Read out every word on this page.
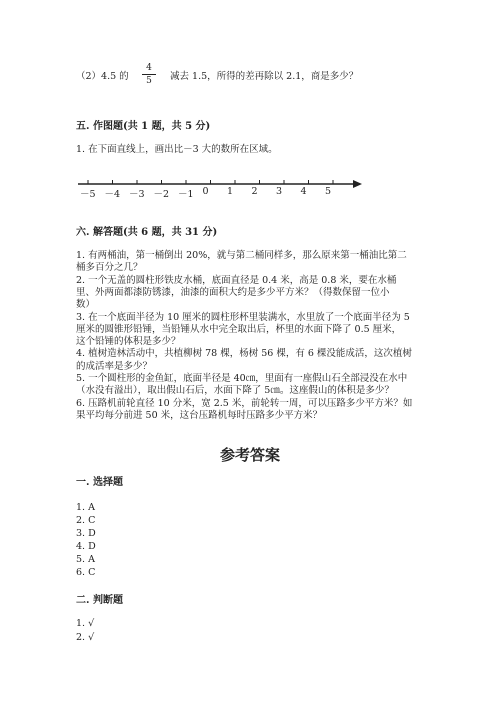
（2）4.5 的
4
5	减去 1.5，所得的差再除以 2.1，商是多少？
五. 作图题(共 1 题，共 5 分)
1. 在下面直线上，画出比－3 大的数所在区域。
－5 －4 －3 －2 －1 0 1 2 3 4 5
六. 解答题(共 6 题，共 31 分)
1. 有两桶油，第一桶倒出 20%，就与第二桶同样多，那么原来第一桶油比第二
桶多百分之几？
2. 一个无盖的圆柱形铁皮水桶，底面直径是 0.4 米，高是 0.8 米，要在水桶
里、外两面都漆防锈漆，油漆的面积大约是多少平方米？（得数保留一位小
数）
3. 在一个底面半径为 10 厘米的圆柱形杯里装满水，水里放了一个底面半径为 5
厘米的圆锥形铅锤，当铅锤从水中完全取出后，杯里的水面下降了 0.5 厘米，
这个铅锤的体积是多少？
4. 植树造林活动中，共植柳树 78 棵，杨树 56 棵，有 6 棵没能成活，这次植树
的成活率是多少？
5. 一个圆柱形的金鱼缸，底面半径是 40㎝，里面有一座假山石全部浸没在水中
（水没有溢出），取出假山石后，水面下降了 5㎝。这座假山的体积是多少？
6. 压路机前轮直径 10 分米，宽 2.5 米，前轮转一周，可以压路多少平方米？如
果平均每分前进 50 米，这台压路机每时压路多少平方米？
参考答案
一. 选择题
1. A
2. C
3. D
4. D
5. A
6. C
二. 判断题
1. √
2. √
